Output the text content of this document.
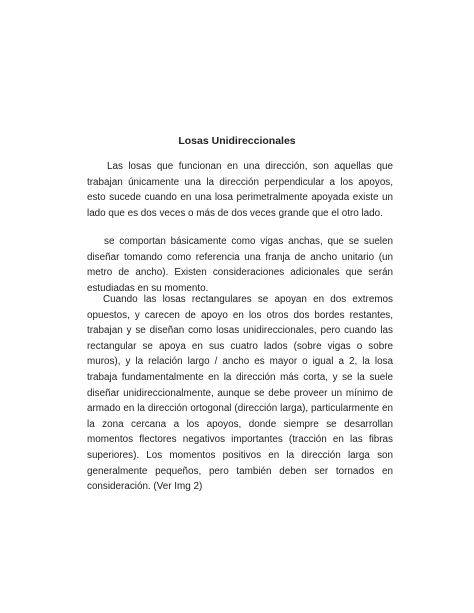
Losas Unidireccionales

Las losas que funcionan en una dirección, son aquellas que trabajan únicamente una la dirección perpendicular a los apoyos, esto sucede cuando en una losa perimetralmente apoyada existe un lado que es dos veces o más de dos veces grande que el otro lado.

se comportan básicamente como vigas anchas, que se suelen diseñar tomando como referencia una franja de ancho unitario (un metro de ancho). Existen consideraciones adicionales que serán estudiadas en su momento.

Cuando las losas rectangulares se apoyan en dos extremos opuestos, y carecen de apoyo en los otros dos bordes restantes, trabajan y se diseñan como losas unidireccionales, pero cuando las rectangular se apoya en sus cuatro lados (sobre vigas o sobre muros), y la relación largo / ancho es mayor o igual a 2, la losa trabaja fundamentalmente en la dirección más corta, y se la suele diseñar unidireccionalmente, aunque se debe proveer un mínimo de armado en la dirección ortogonal (dirección larga), particularmente en la zona cercana a los apoyos, donde siempre se desarrollan momentos flectores negativos importantes (tracción en las fibras superiores). Los momentos positivos en la dirección larga son generalmente pequeños, pero también deben ser tornados en consideración. (Ver Img 2)
